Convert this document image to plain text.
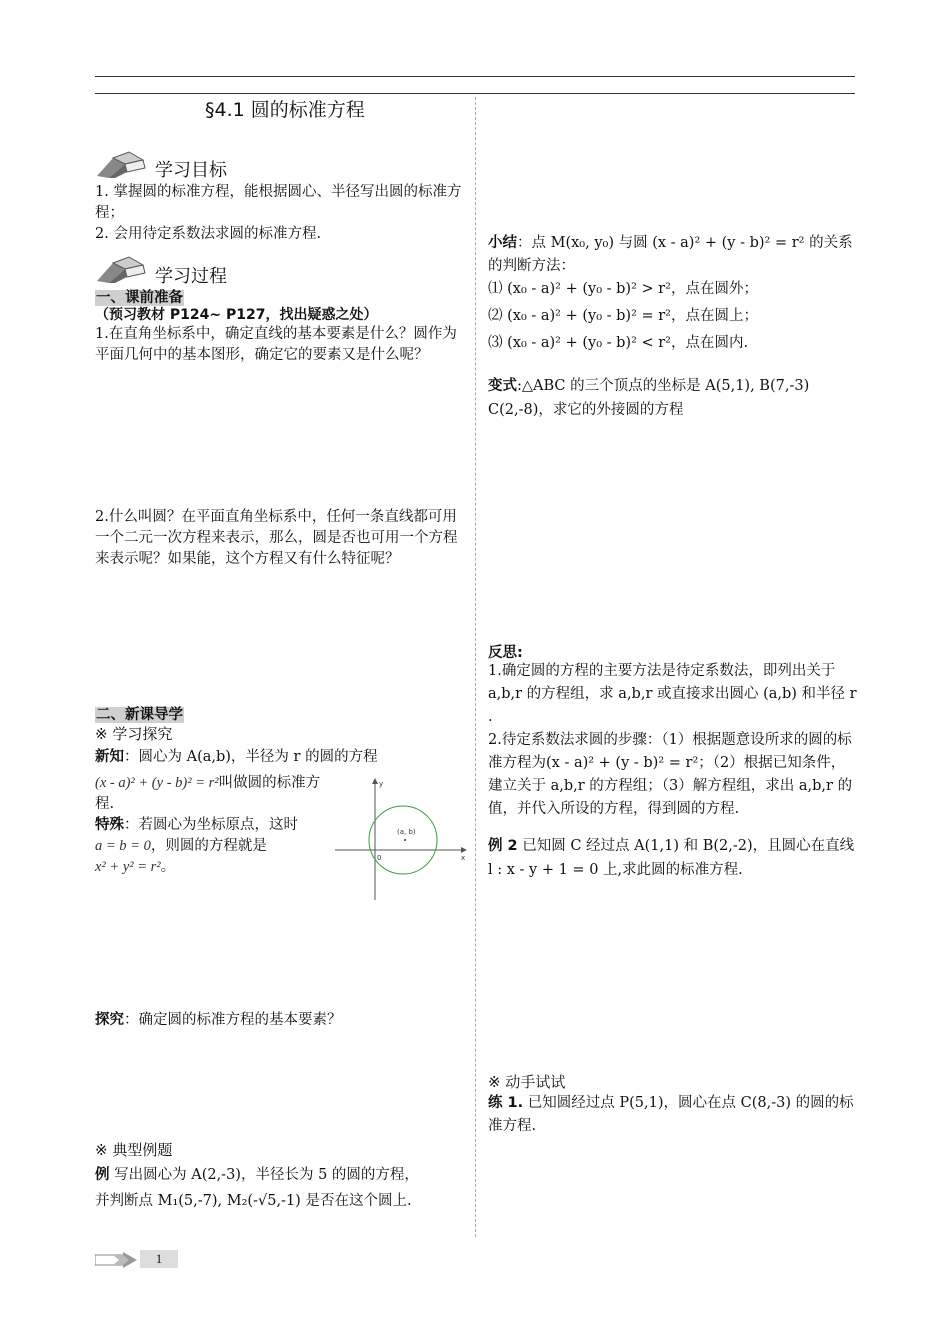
§4.1 圆的标准方程
学习目标

1. 掌握圆的标准方程，能根据圆心、半径写出圆的标准方程；

2. 会用待定系数法求圆的标准方程.

学习过程
一、课前准备
（预习教材 P124~ P127，找出疑惑之处）
1.在直角坐标系中，确定直线的基本要素是什么？圆作为平面几何中的基本图形，确定它的要素又是什么呢？
2.什么叫圆？在平面直角坐标系中，任何一条直线都可用一个二元一次方程来表示，那么，圆是否也可用一个方程来表示呢？如果能，这个方程又有什么特征呢？
二、新课导学
※ 学习探究
新知：圆心为 A(a,b)，半径为 r 的圆的方程
(x - a)² + (y - b)² = r²叫做圆的标准方程.
特殊：若圆心为坐标原点，这时
a = b = 0，则圆的方程就是
x² + y² = r²。
(a, b)
x
y
0
探究：确定圆的标准方程的基本要素？
※ 典型例题
例 写出圆心为 A(2,-3)，半径长为 5 的圆的方程，
并判断点 M₁(5,-7), M₂(-√5,-1) 是否在这个圆上.
小结：点 M(x₀, y₀) 与圆 (x - a)² + (y - b)² = r² 的关系的判断方法：

⑴ (x₀ - a)² + (y₀ - b)² > r²，点在圆外；

⑵ (x₀ - a)² + (y₀ - b)² = r²，点在圆上；

⑶ (x₀ - a)² + (y₀ - b)² < r²，点在圆内.

变式:△ABC 的三个顶点的坐标是 A(5,1), B(7,-3)
C(2,-8)，求它的外接圆的方程
反思:

1.确定圆的方程的主要方法是待定系数法，即列出关于 a,b,r 的方程组，求 a,b,r 或直接求出圆心 (a,b) 和半径 r .

2.待定系数法求圆的步骤：（1）根据题意设所求的圆的标准方程为(x - a)² + (y - b)² = r²；（2）根据已知条件，建立关于 a,b,r 的方程组；（3）解方程组，求出 a,b,r 的值，并代入所设的方程，得到圆的方程.

例 2 已知圆 C 经过点 A(1,1) 和 B(2,-2)，且圆心在直线 l : x - y + 1 = 0 上,求此圆的标准方程.
※ 动手试试
练 1. 已知圆经过点 P(5,1)，圆心在点 C(8,-3) 的圆的标准方程.
1
